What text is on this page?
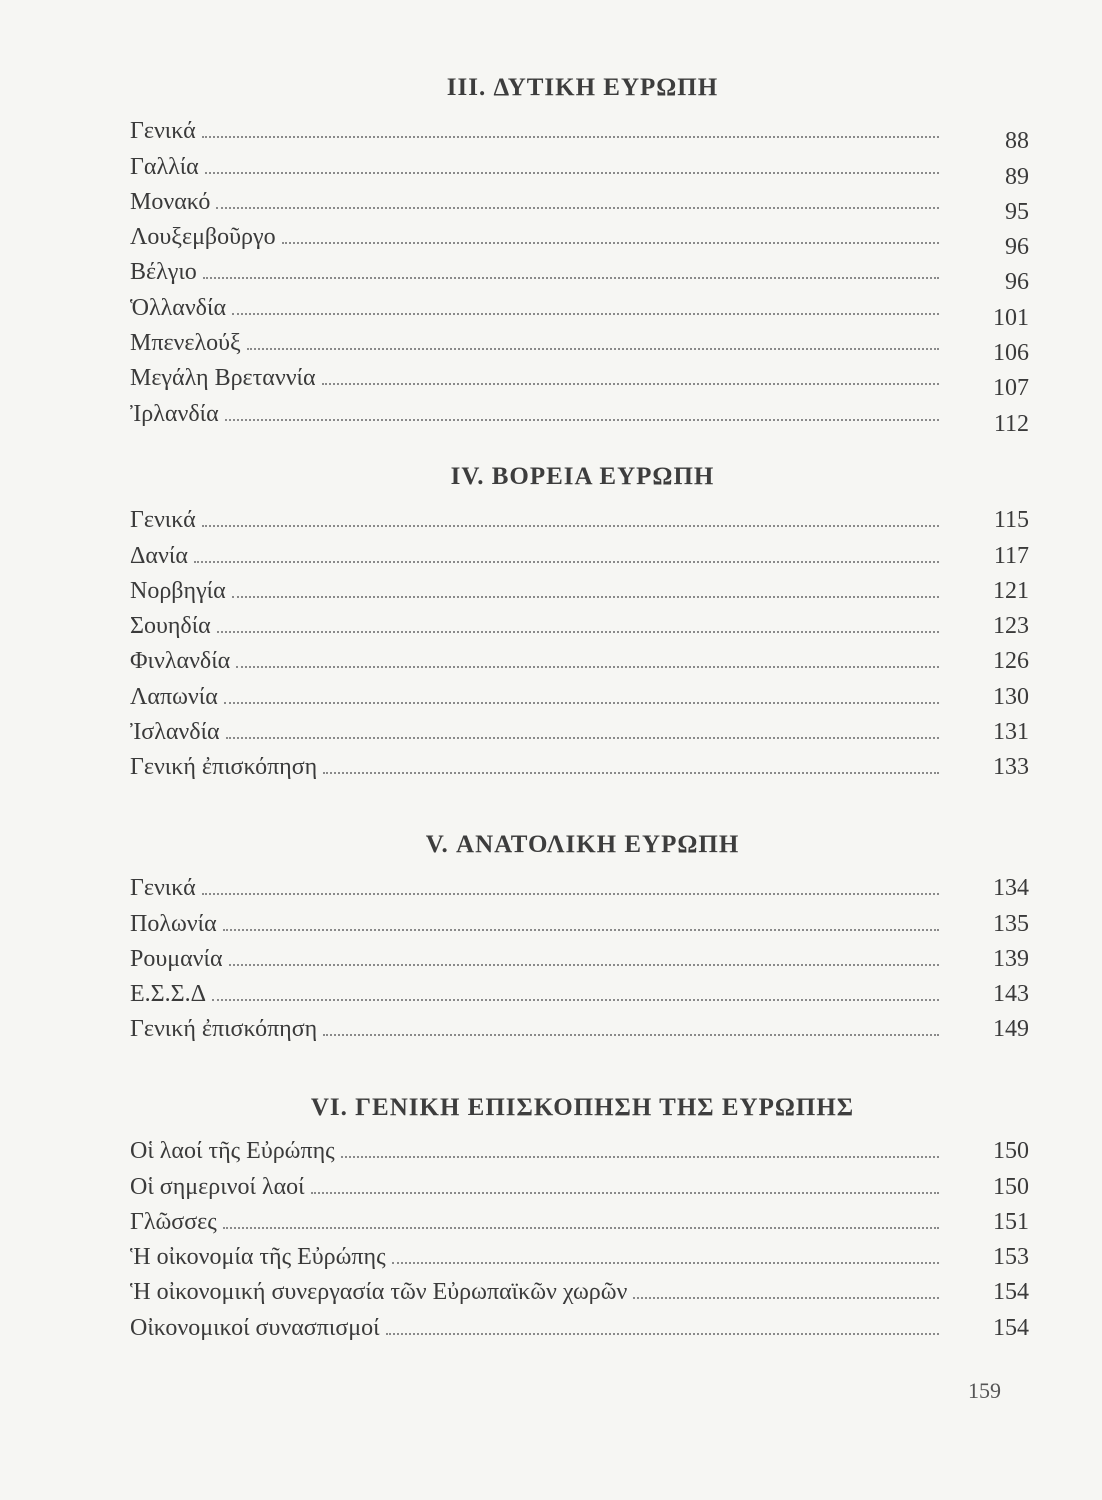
III. ΔΥΤΙΚΗ ΕΥΡΩΠΗ
Γενικά	88
Γαλλία	89
Μονακό	95
Λουξεμβοῦργο	96
Βέλγιο	96
Ὁλλανδία	101
Μπενελούξ	106
Μεγάλη Βρεταννία	107
Ἰρλανδία	112
IV. ΒΟΡΕΙΑ ΕΥΡΩΠΗ
Γενικά	115
Δανία	117
Νορβηγία	121
Σουηδία	123
Φινλανδία	126
Λαπωνία	130
Ἰσλανδία	131
Γενική ἐπισκόπηση	133
V. ΑΝΑΤΟΛΙΚΗ ΕΥΡΩΠΗ
Γενικά	134
Πολωνία	135
Ρουμανία	139
Ε.Σ.Σ.Δ	143
Γενική ἐπισκόπηση	149
VI. ΓΕΝΙΚΗ ΕΠΙΣΚΟΠΗΣΗ ΤΗΣ ΕΥΡΩΠΗΣ
Οἱ λαοί τῆς Εὐρώπης	150
Οἱ σημερινοί λαοί	150
Γλῶσσες	151
Ἡ οἰκονομία τῆς Εὐρώπης	153
Ἡ οἰκονομική συνεργασία τῶν Εὐρωπαϊκῶν χωρῶν	154
Οἰκονομικοί συνασπισμοί	154
159
